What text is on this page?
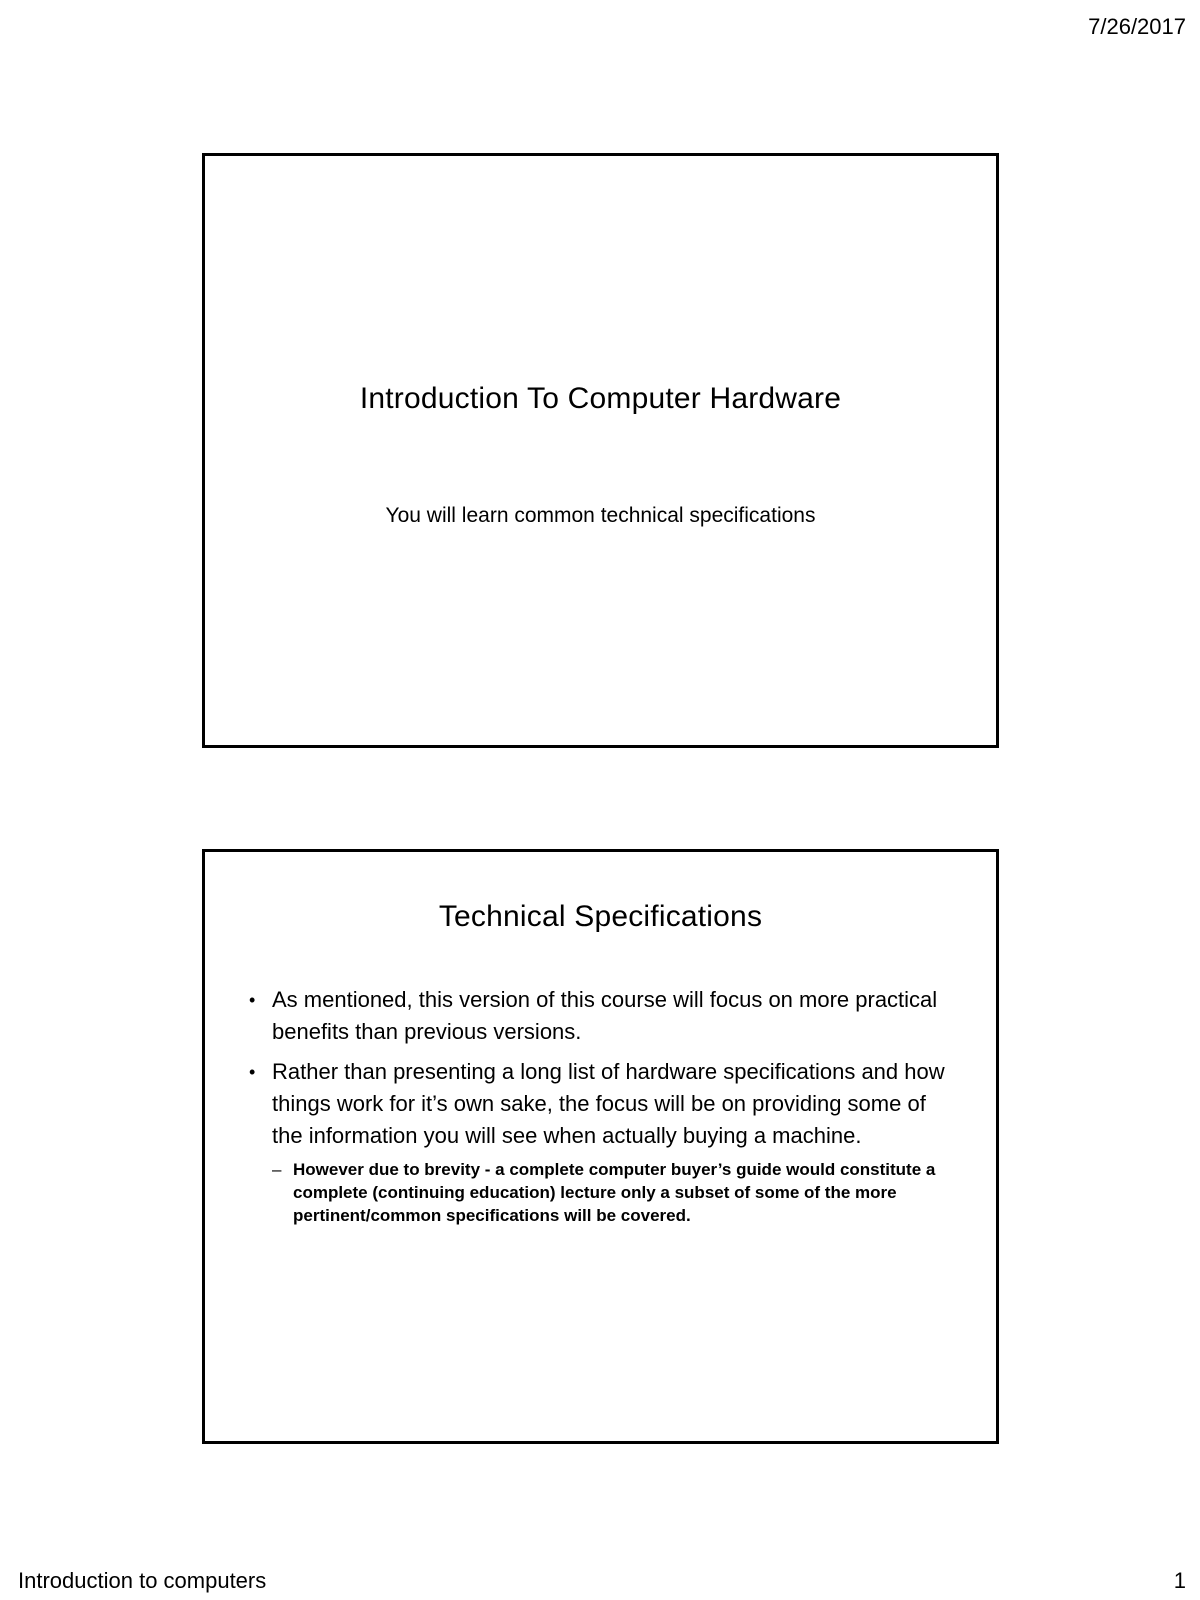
7/26/2017
Introduction To Computer Hardware
You will learn common technical specifications
Technical Specifications
• As mentioned, this version of this course will focus on more practical benefits than previous versions.
• Rather than presenting a long list of hardware specifications and how things work for it’s own sake, the focus will be on providing some of the information you will see when actually buying a machine.
– However due to brevity - a complete computer buyer’s guide would constitute a complete (continuing education) lecture only a subset of some of the more pertinent/common specifications will be covered.
Introduction to computers	1
